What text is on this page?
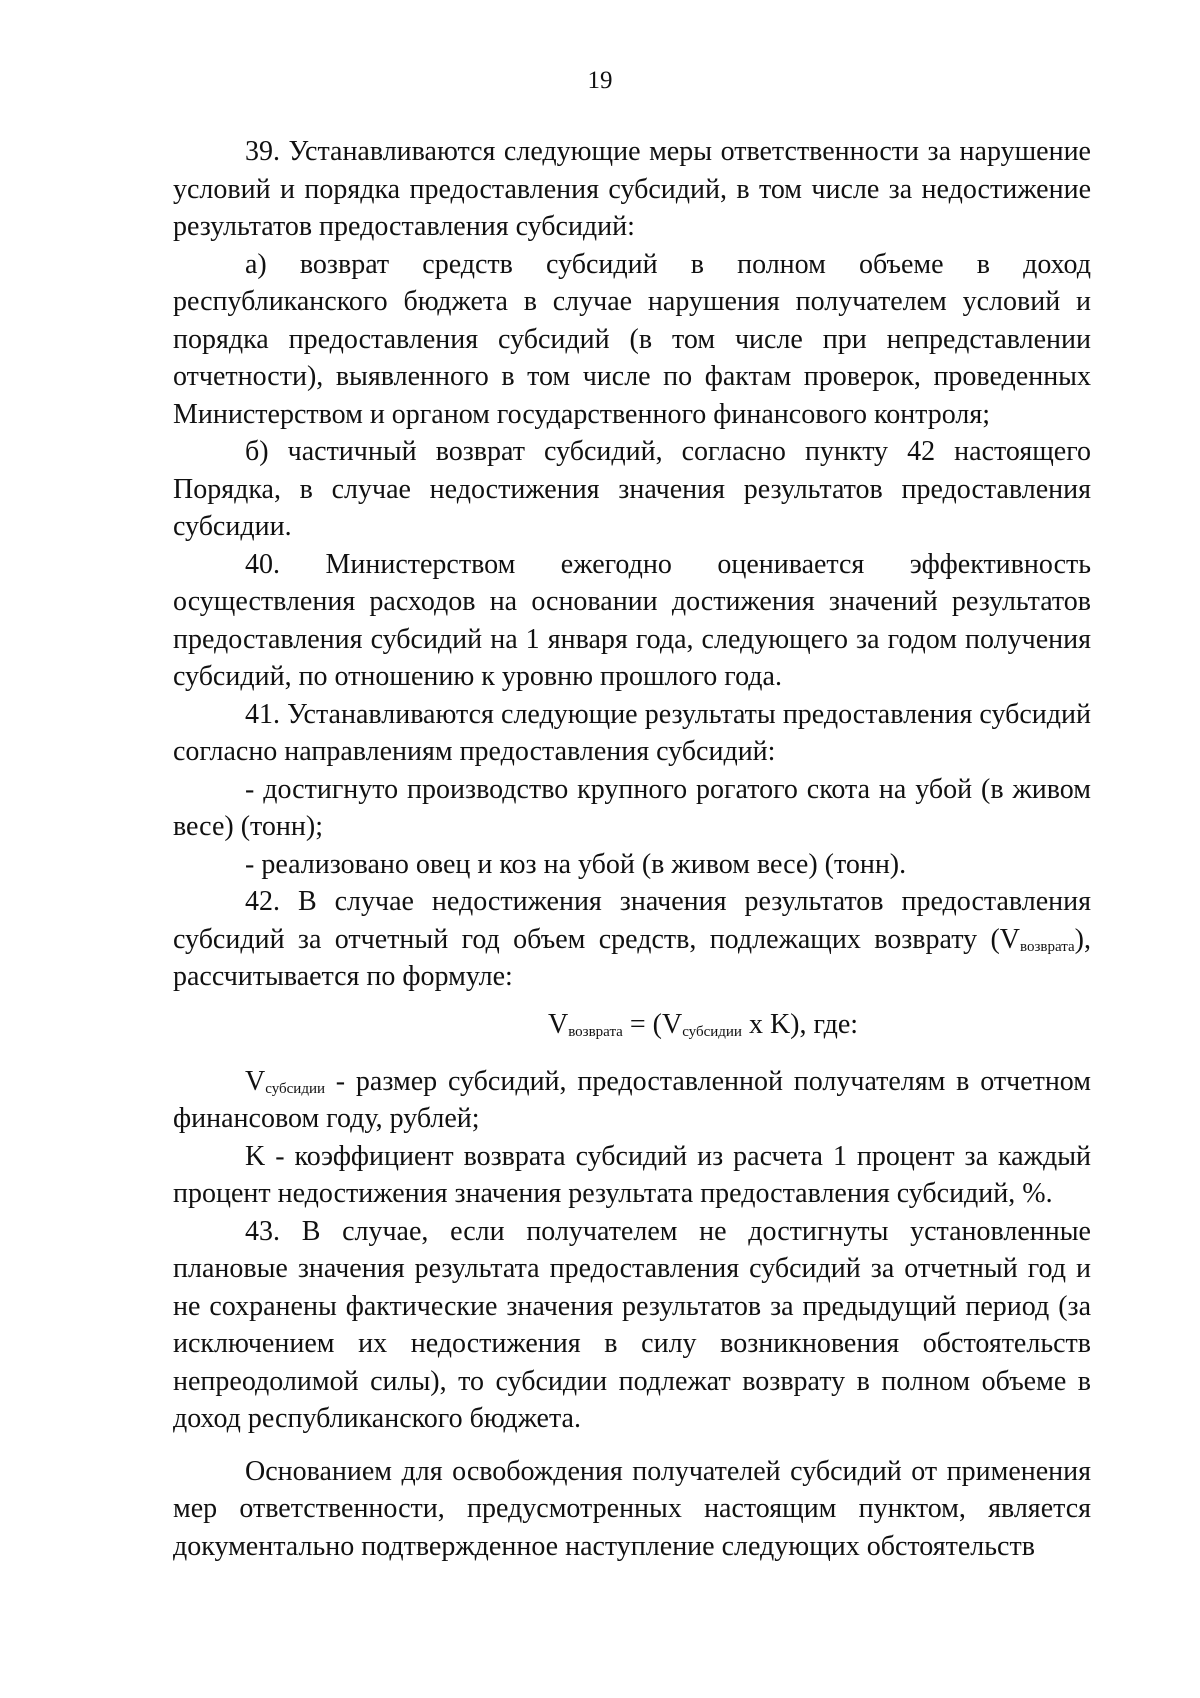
19

39. Устанавливаются следующие меры ответственности за нарушение условий и порядка предоставления субсидий, в том числе за недостижение результатов предоставления субсидий:

а) возврат средств субсидий в полном объеме в доход республиканского бюджета в случае нарушения получателем условий и порядка предоставления субсидий (в том числе при непредставлении отчетности), выявленного в том числе по фактам проверок, проведенных Министерством и органом государственного финансового контроля;

б) частичный возврат субсидий, согласно пункту 42 настоящего Порядка, в случае недостижения значения результатов предоставления субсидии.

40. Министерством ежегодно оценивается эффективность осуществления расходов на основании достижения значений результатов предоставления субсидий на 1 января года, следующего за годом получения субсидий, по отношению к уровню прошлого года.

41. Устанавливаются следующие результаты предоставления субсидий согласно направлениям предоставления субсидий:

- достигнуто производство крупного рогатого скота на убой (в живом весе) (тонн);

- реализовано овец и коз на убой (в живом весе) (тонн).

42. В случае недостижения значения результатов предоставления субсидий за отчетный год объем средств, подлежащих возврату $(V_{возврата})$, рассчитывается по формуле:

$V_{возврата} = (V_{субсидии}$ x K), где:

$V_{субсидии}$ - размер субсидий, предоставленной получателям в отчетном финансовом году, рублей;

K - коэффициент возврата субсидий из расчета 1 процент за каждый процент недостижения значения результата предоставления субсидий, %.

43. В случае, если получателем не достигнуты установленные плановые значения результата предоставления субсидий за отчетный год и не сохранены фактические значения результатов за предыдущий период (за исключением их недостижения в силу возникновения обстоятельств непреодолимой силы), то субсидии подлежат возврату в полном объеме в доход республиканского бюджета.

Основанием для освобождения получателей субсидий от применения мер ответственности, предусмотренных настоящим пунктом, является документально подтвержденное наступление следующих обстоятельств
